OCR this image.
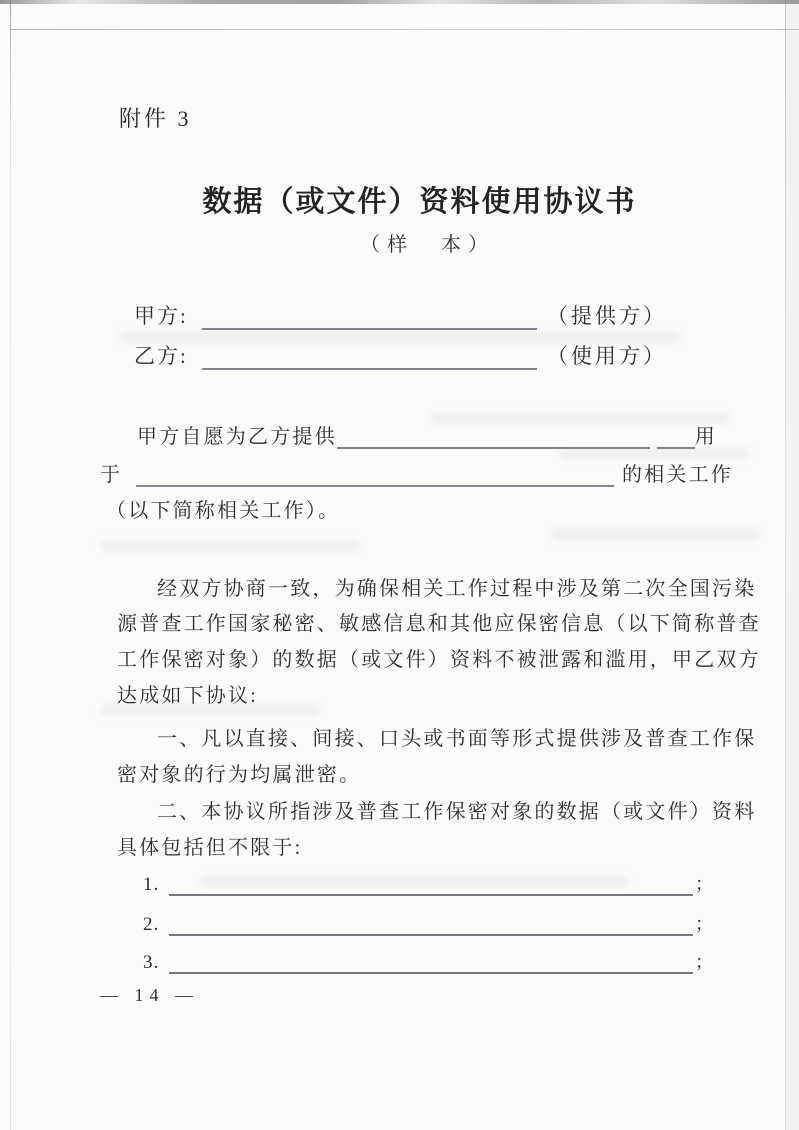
附件 3
数据（或文件）资料使用协议书
（样　本）
甲方:	（提供方）
乙方:	（使用方）
甲方自愿为乙方提供	用
于	的相关工作
（以下简称相关工作）。
经双方协商一致，为确保相关工作过程中涉及第二次全国污染
源普查工作国家秘密、敏感信息和其他应保密信息（以下简称普查
工作保密对象）的数据（或文件）资料不被泄露和滥用，甲乙双方
达成如下协议:
一、凡以直接、间接、口头或书面等形式提供涉及普查工作保
密对象的行为均属泄密。
二、本协议所指涉及普查工作保密对象的数据（或文件）资料
具体包括但不限于:
1.	；
2.	；
3.	；
— 14 —
